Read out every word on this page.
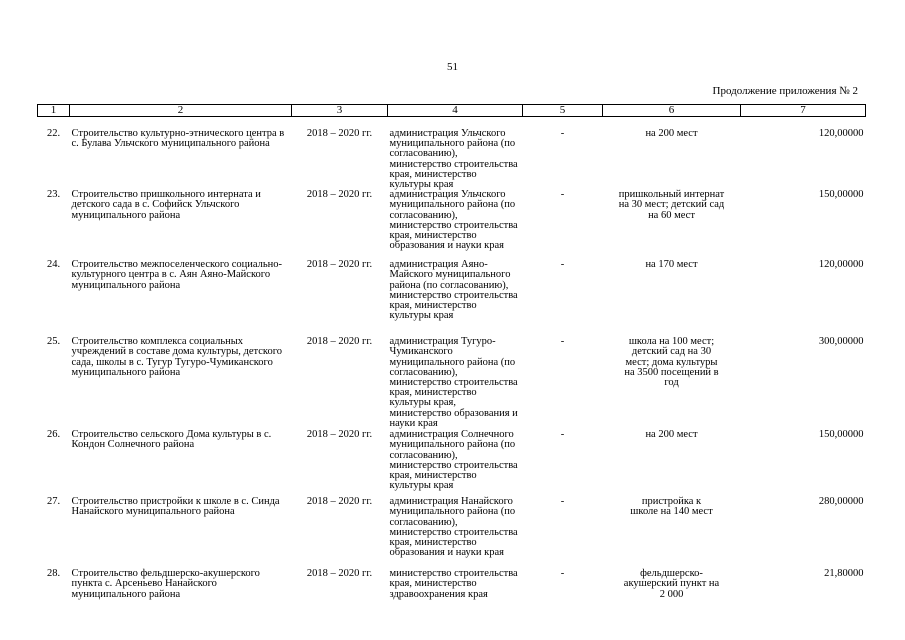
51
Продолжение приложения № 2
1	2	3	4	5	6	7
22.	Строительство культурно-этнического центра в с. Булава Ульчского муниципального района	2018 – 2020 гг.	администрация Ульчского муниципального района (по согласованию), министерство строительства края, министерство культуры края	-	на 200 мест	120,00000
23.	Строительство пришкольного интерната и детского сада в с. Софийск Ульчского муниципального района	2018 – 2020 гг.	администрация Ульчского муниципального района (по согласованию), министерство строительства края, министерство образования и науки края	-	пришкольный интернат на 30 мест; детский сад на 60 мест	150,00000
24.	Строительство межпоселенческого социально-культурного центра в с. Аян Аяно-Майского муниципального района	2018 – 2020 гг.	администрация Аяно-Майского муниципального района (по согласованию), министерство строительства края, министерство культуры края	-	на 170 мест	120,00000
25.	Строительство комплекса социальных учреждений в составе дома культуры, детского сада, школы в с. Тугур Тугуро-Чумиканского муниципального района	2018 – 2020 гг.	администрация Тугуро-Чумиканского муниципального района (по согласованию), министерство строительства края, министерство культуры края, министерство образования и науки края	-	школа на 100 мест; детский сад на 30 мест; дома культуры на 3500 посещений в год	300,00000
26.	Строительство сельского Дома культуры в с. Кондон Солнечного района	2018 – 2020 гг.	администрация Солнечного муниципального района (по согласованию), министерство строительства края, министерство культуры края	-	на 200 мест	150,00000
27.	Строительство пристройки к школе в с. Синда Нанайского муниципального района	2018 – 2020 гг.	администрация Нанайского муниципального района (по согласованию), министерство строительства края, министерство образования и науки края	-	пристройка к школе на 140 мест	280,00000
28.	Строительство фельдшерско-акушерского пункта с. Арсеньево Нанайского муниципального района	2018 – 2020 гг.	министерство строительства края, министерство здравоохранения края	-	фельдшерско-акушерский пункт на 2 000	21,80000
